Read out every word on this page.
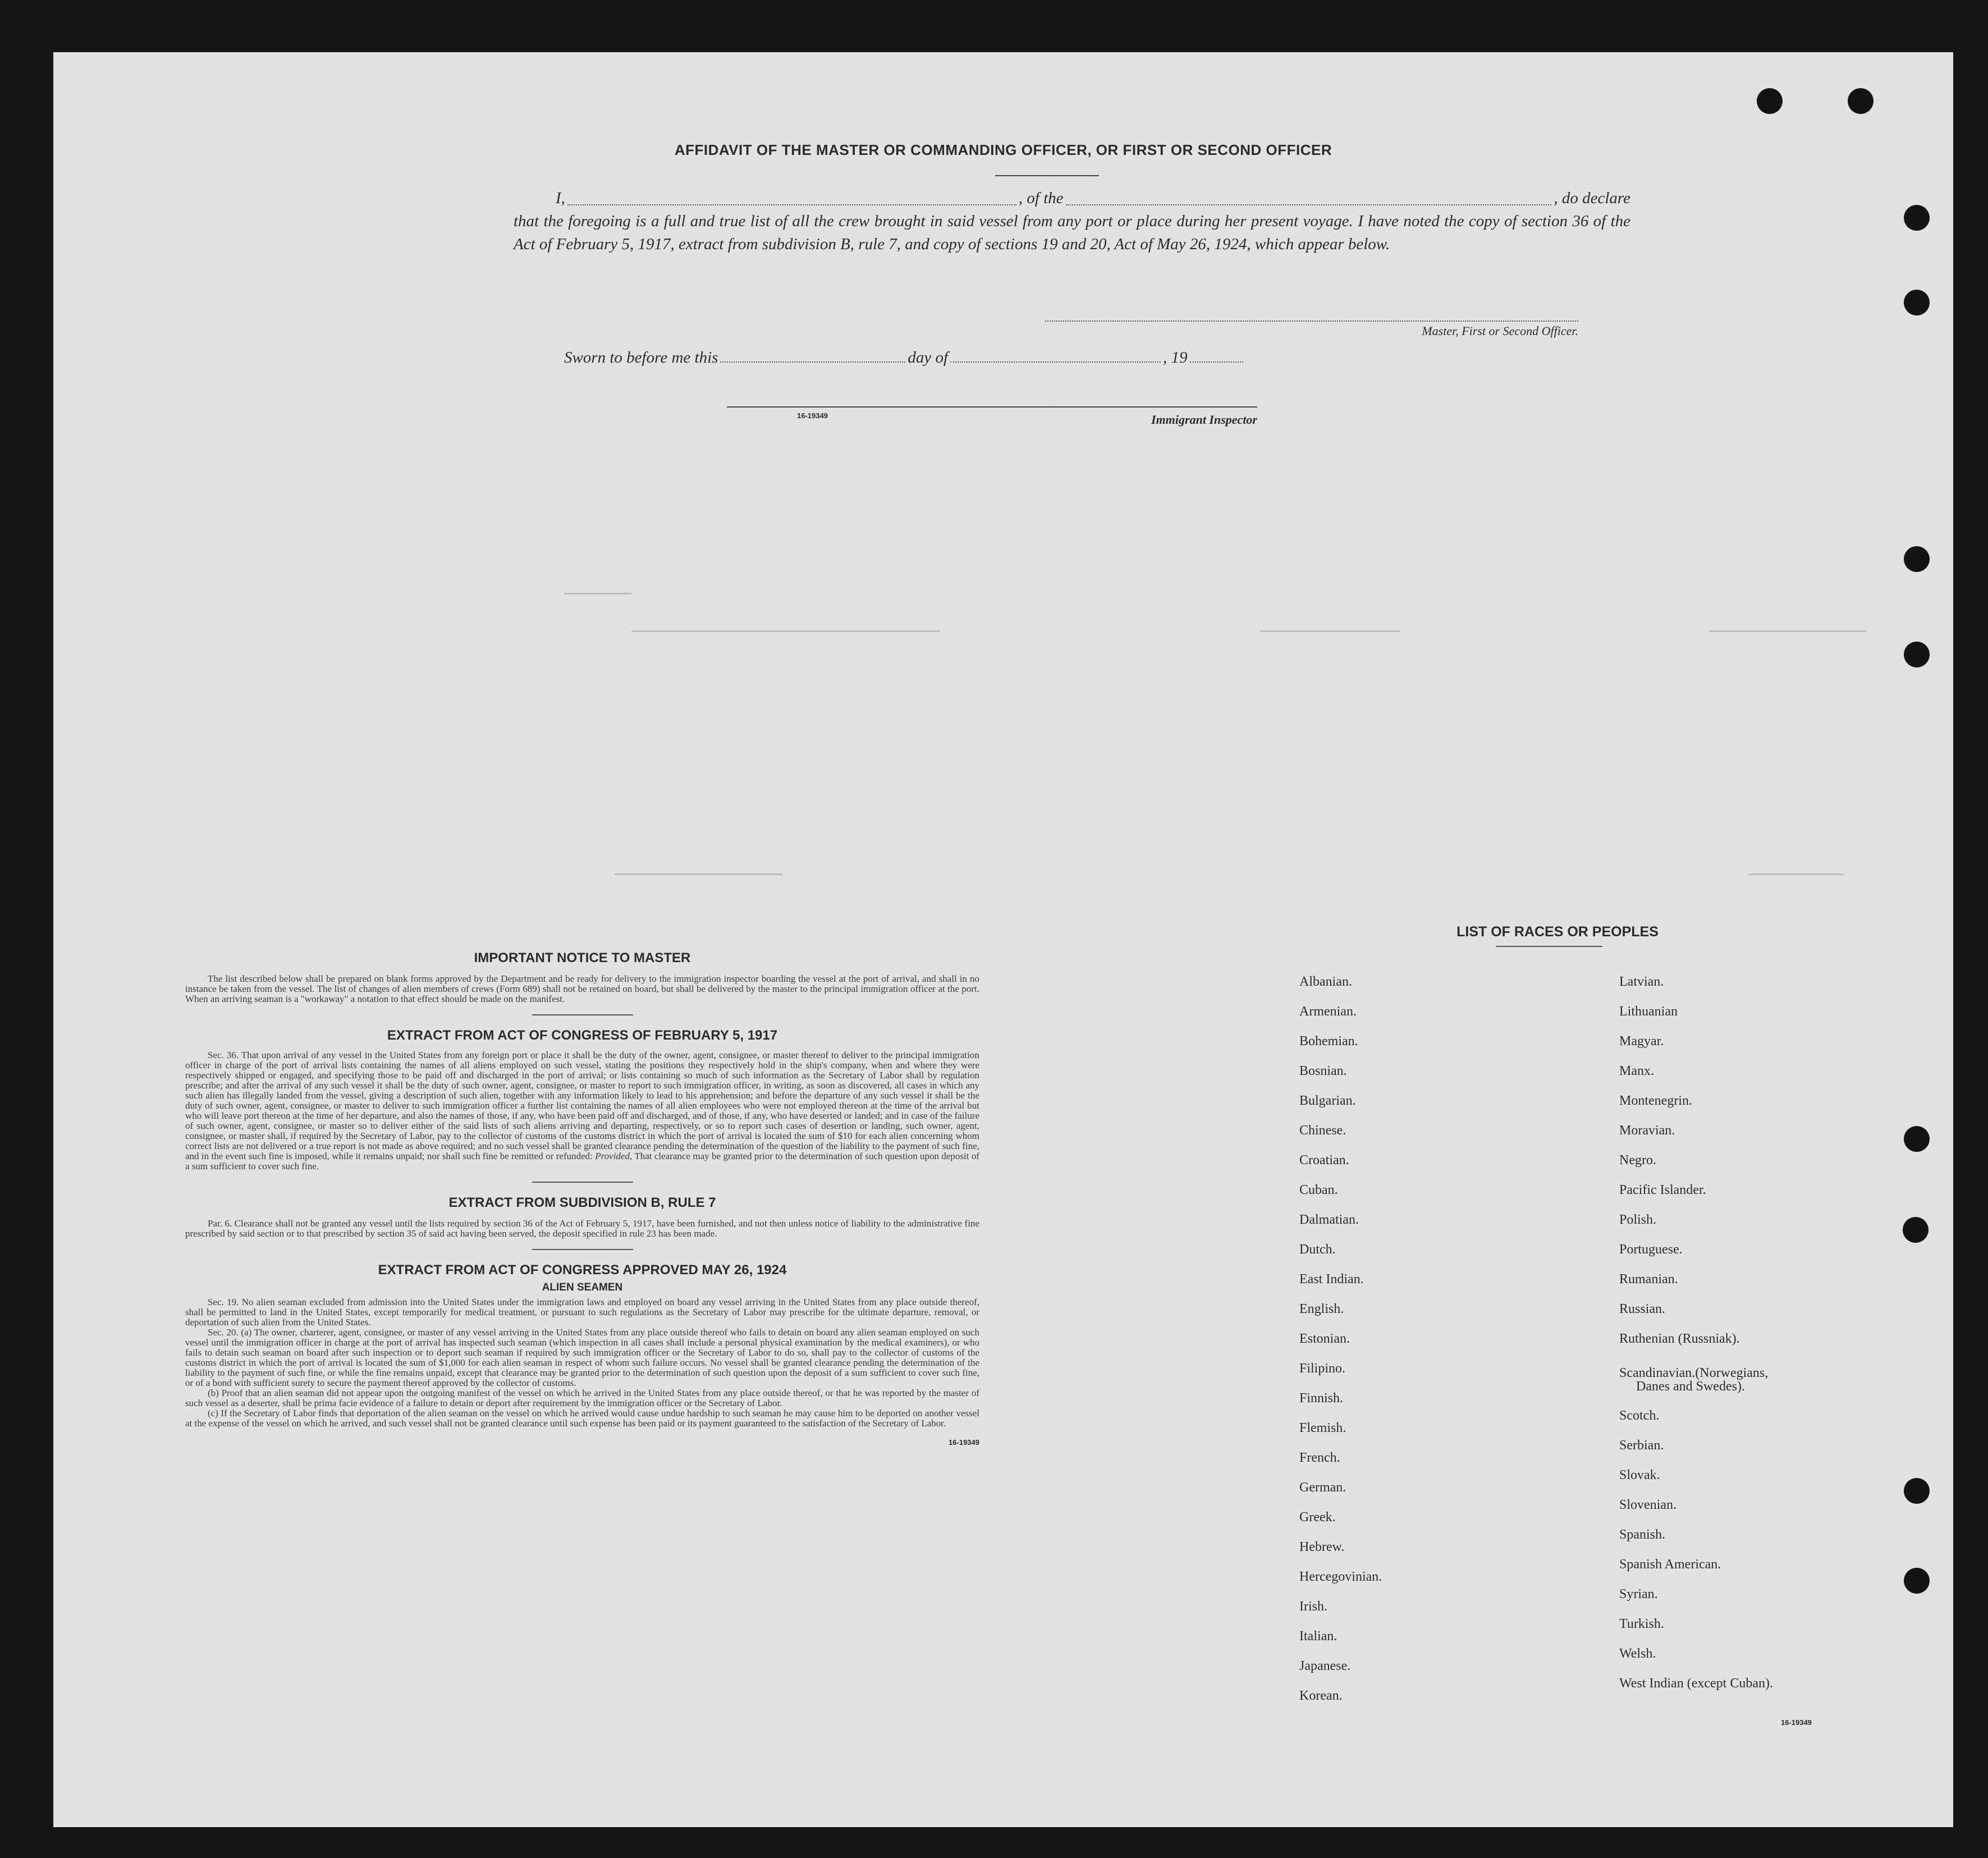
AFFIDAVIT OF THE MASTER OR COMMANDING OFFICER, OR FIRST OR SECOND OFFICER
I,	, of the	, do declare

that the foregoing is a full and true list of all the crew brought in said vessel from any port or place during her present voyage. I have noted the copy of section 36 of the Act of February 5, 1917, extract from subdivision B, rule 7, and copy of sections 19 and 20, Act of May 26, 1924, which appear below.

Master, First or Second Officer.
Sworn to before me this	day of	, 19
16-19349	Immigrant Inspector
IMPORTANT NOTICE TO MASTER

The list described below shall be prepared on blank forms approved by the Department and be ready for delivery to the immigration inspector boarding the vessel at the port of arrival, and shall in no instance be taken from the vessel. The list of changes of alien members of crews (Form 689) shall not be retained on board, but shall be delivered by the master to the principal immigration officer at the port. When an arriving seaman is a "workaway" a notation to that effect should be made on the manifest.

EXTRACT FROM ACT OF CONGRESS OF FEBRUARY 5, 1917

Sec. 36. That upon arrival of any vessel in the United States from any foreign port or place it shall be the duty of the owner, agent, consignee, or master thereof to deliver to the principal immigration officer in charge of the port of arrival lists containing the names of all aliens employed on such vessel, stating the positions they respectively hold in the ship's company, when and where they were respectively shipped or engaged, and specifying those to be paid off and discharged in the port of arrival; or lists containing so much of such information as the Secretary of Labor shall by regulation prescribe; and after the arrival of any such vessel it shall be the duty of such owner, agent, consignee, or master to report to such immigration officer, in writing, as soon as discovered, all cases in which any such alien has illegally landed from the vessel, giving a description of such alien, together with any information likely to lead to his apprehension; and before the departure of any such vessel it shall be the duty of such owner, agent, consignee, or master to deliver to such immigration officer a further list containing the names of all alien employees who were not employed thereon at the time of the arrival but who will leave port thereon at the time of her departure, and also the names of those, if any, who have been paid off and discharged, and of those, if any, who have deserted or landed; and in case of the failure of such owner, agent, consignee, or master so to deliver either of the said lists of such aliens arriving and departing, respectively, or so to report such cases of desertion or landing, such owner, agent, consignee, or master shall, if required by the Secretary of Labor, pay to the collector of customs of the customs district in which the port of arrival is located the sum of $10 for each alien concerning whom correct lists are not delivered or a true report is not made as above required; and no such vessel shall be granted clearance pending the determination of the question of the liability to the payment of such fine, and in the event such fine is imposed, while it remains unpaid; nor shall such fine be remitted or refunded: Provided, That clearance may be granted prior to the determination of such question upon deposit of a sum sufficient to cover such fine.

EXTRACT FROM SUBDIVISION B, RULE 7

Par. 6. Clearance shall not be granted any vessel until the lists required by section 36 of the Act of February 5, 1917, have been furnished, and not then unless notice of liability to the administrative fine prescribed by said section or to that prescribed by section 35 of said act having been served, the deposit specified in rule 23 has been made.

EXTRACT FROM ACT OF CONGRESS APPROVED MAY 26, 1924
ALIEN SEAMEN

Sec. 19. No alien seaman excluded from admission into the United States under the immigration laws and employed on board any vessel arriving in the United States from any place outside thereof, shall be permitted to land in the United States, except temporarily for medical treatment, or pursuant to such regulations as the Secretary of Labor may prescribe for the ultimate departure, removal, or deportation of such alien from the United States.

Sec. 20. (a) The owner, charterer, agent, consignee, or master of any vessel arriving in the United States from any place outside thereof who fails to detain on board any alien seaman employed on such vessel until the immigration officer in charge at the port of arrival has inspected such seaman (which inspection in all cases shall include a personal physical examination by the medical examiners), or who fails to detain such seaman on board after such inspection or to deport such seaman if required by such immigration officer or the Secretary of Labor to do so, shall pay to the collector of customs of the customs district in which the port of arrival is located the sum of $1,000 for each alien seaman in respect of whom such failure occurs. No vessel shall be granted clearance pending the determination of the liability to the payment of such fine, or while the fine remains unpaid, except that clearance may be granted prior to the determination of such question upon the deposit of a sum sufficient to cover such fine, or of a bond with sufficient surety to secure the payment thereof approved by the collector of customs.

(b) Proof that an alien seaman did not appear upon the outgoing manifest of the vessel on which he arrived in the United States from any place outside thereof, or that he was reported by the master of such vessel as a deserter, shall be prima facie evidence of a failure to detain or deport after requirement by the immigration officer or the Secretary of Labor.

(c) If the Secretary of Labor finds that deportation of the alien seaman on the vessel on which he arrived would cause undue hardship to such seaman he may cause him to be deported on another vessel at the expense of the vessel on which he arrived, and such vessel shall not be granted clearance until such expense has been paid or its payment guaranteed to the satisfaction of the Secretary of Labor.

16-19349
LIST OF RACES OR PEOPLES
Albanian.
Armenian.
Bohemian.
Bosnian.
Bulgarian.
Chinese.
Croatian.
Cuban.
Dalmatian.
Dutch.
East Indian.
English.
Estonian.
Filipino.
Finnish.
Flemish.
French.
German.
Greek.
Hebrew.
Hercegovinian.
Irish.
Italian.
Japanese.
Korean.
Latvian.
Lithuanian
Magyar.
Manx.
Montenegrin.
Moravian.
Negro.
Pacific Islander.
Polish.
Portuguese.
Rumanian.
Russian.
Ruthenian (Russniak).
Scandinavian.(Norwegians,
Danes and Swedes).
Scotch.
Serbian.
Slovak.
Slovenian.
Spanish.
Spanish American.
Syrian.
Turkish.
Welsh.
West Indian (except Cuban).
16-19349
